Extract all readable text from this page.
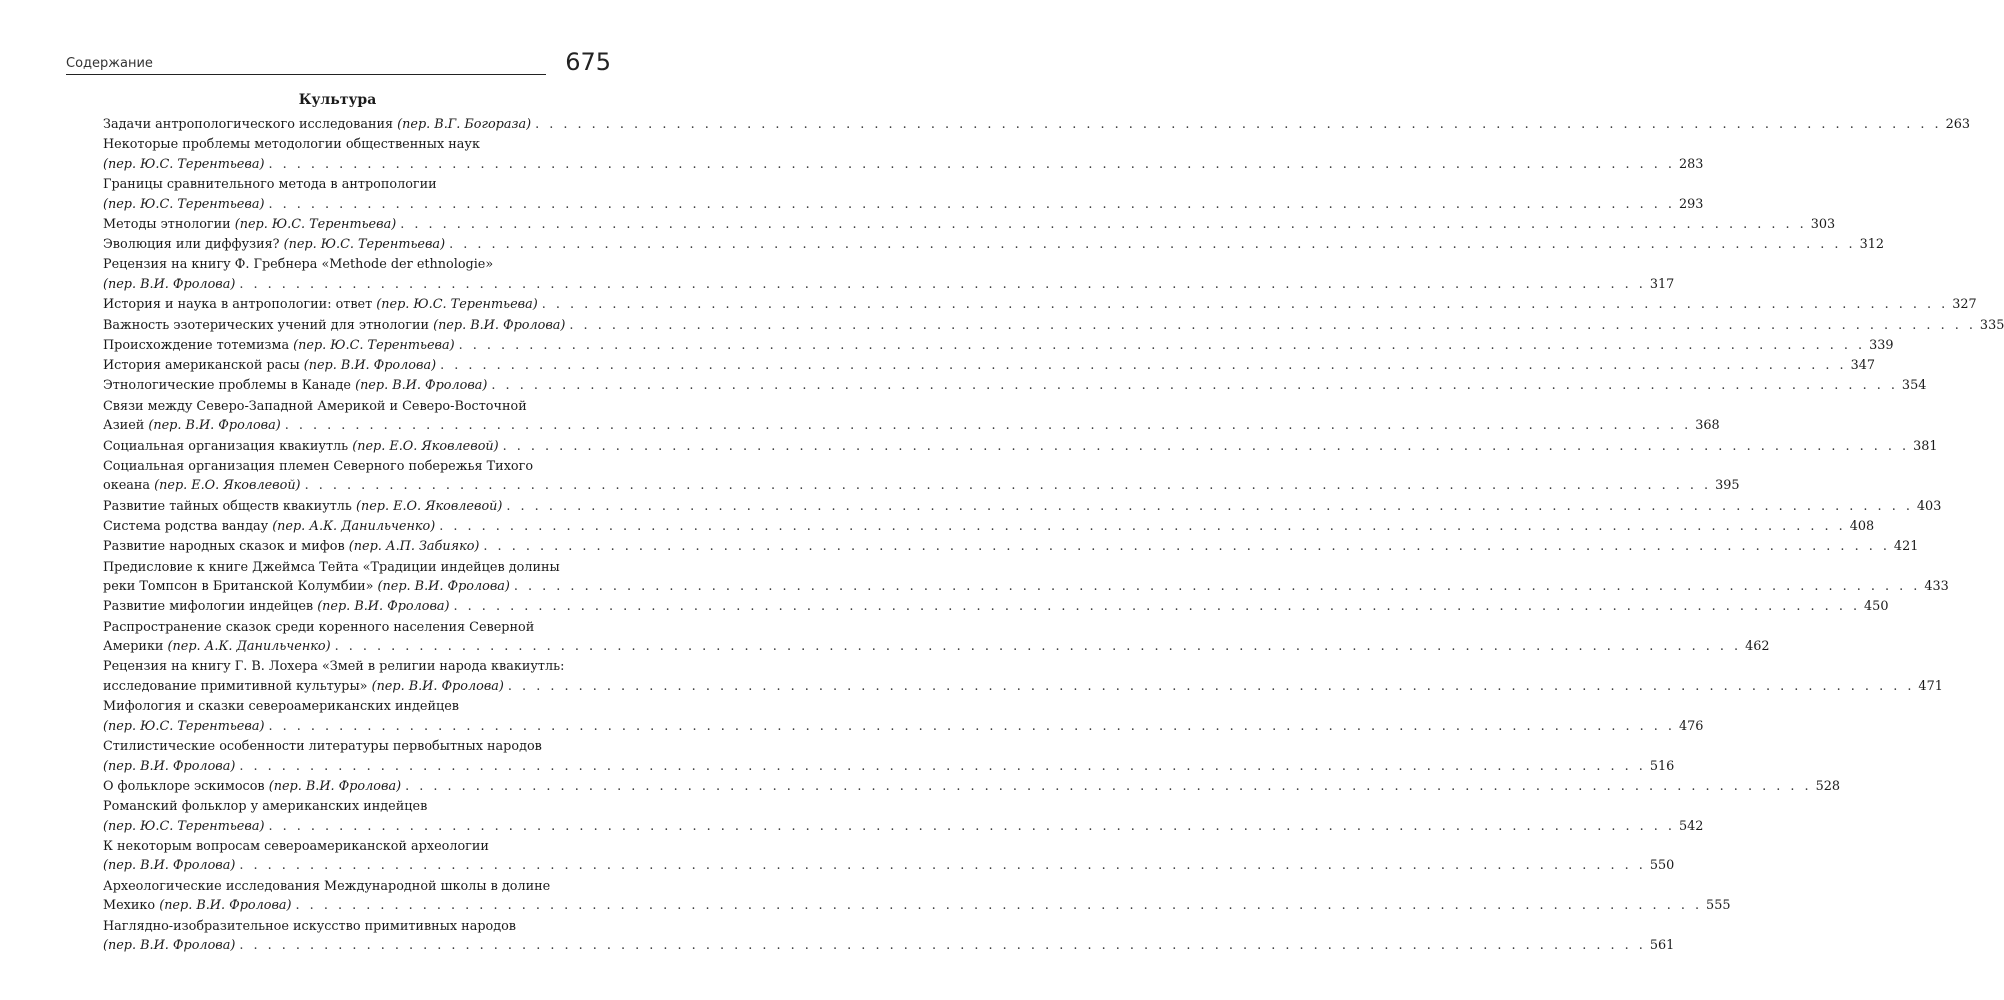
Содержание	675
Культура
Задачи антропологического исследования (пер. В.Г. Богораза) . . .	263
Некоторые проблемы методологии общественных наук
(пер. Ю.С. Терентьева) . . .	283
Границы сравнительного метода в антропологии
(пер. Ю.С. Терентьева) . . .	293
Методы этнологии (пер. Ю.С. Терентьева) . . .	303
Эволюция или диффузия? (пер. Ю.С. Терентьева) . . .	312
Рецензия на книгу Ф. Гребнера «Methode der ethnologie»
(пер. В.И. Фролова) . . .	317
История и наука в антропологии: ответ (пер. Ю.С. Терентьева) . . .	327
Важность эзотерических учений для этнологии (пер. В.И. Фролова) . . .	335
Происхождение тотемизма (пер. Ю.С. Терентьева) . . .	339
История американской расы (пер. В.И. Фролова) . . .	347
Этнологические проблемы в Канаде (пер. В.И. Фролова) . . .	354
Связи между Северо-Западной Америкой и Северо-Восточной
Азией (пер. В.И. Фролова) . . .	368
Социальная организация квакиутль (пер. Е.О. Яковлевой) . . .	381
Социальная организация племен Северного побережья Тихого
океана (пер. Е.О. Яковлевой) . . .	395
Развитие тайных обществ квакиутль (пер. Е.О. Яковлевой) . . .	403
Система родства вандау (пер. А.К. Данильченко) . . .	408
Развитие народных сказок и мифов (пер. А.П. Забияко) . . .	421
Предисловие к книге Джеймса Тейта «Традиции индейцев долины
реки Томпсон в Британской Колумбии» (пер. В.И. Фролова) . . .	433
Развитие мифологии индейцев (пер. В.И. Фролова) . . .	450
Распространение сказок среди коренного населения Северной
Америки (пер. А.К. Данильченко) . . .	462
Рецензия на книгу Г. В. Лохера «Змей в религии народа квакиутль:
исследование примитивной культуры» (пер. В.И. Фролова) . . .	471
Мифология и сказки североамериканских индейцев
(пер. Ю.С. Терентьева) . . .	476
Стилистические особенности литературы первобытных народов
(пер. В.И. Фролова) . . .	516
О фольклоре эскимосов (пер. В.И. Фролова) . . .	528
Романский фольклор у американских индейцев
(пер. Ю.С. Терентьева) . . .	542
К некоторым вопросам североамериканской археологии
(пер. В.И. Фролова) . . .	550
Археологические исследования Международной школы в долине
Мехико (пер. В.И. Фролова) . . .	555
Наглядно-изобразительное искусство примитивных народов
(пер. В.И. Фролова) . . .	561
